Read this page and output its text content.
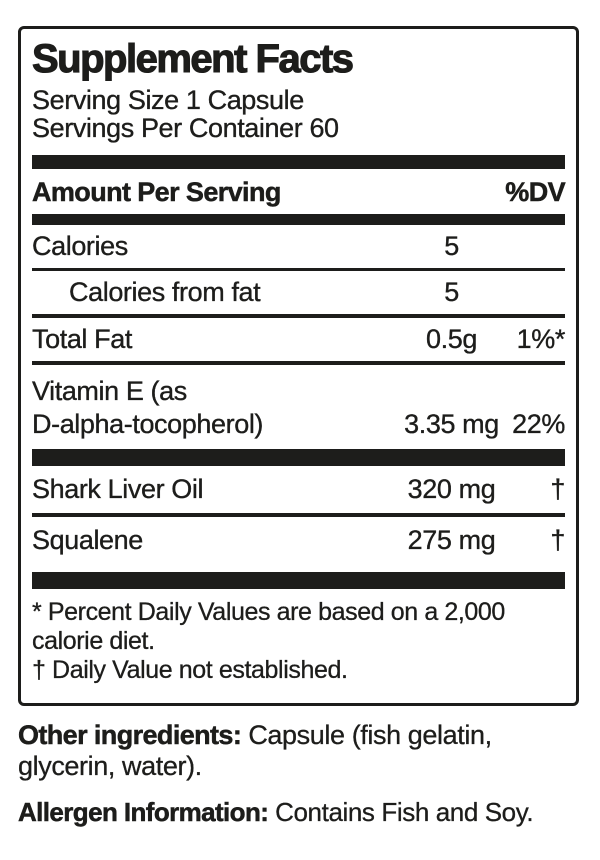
Supplement Facts
Serving Size 1 Capsule
Servings Per Container 60
Amount Per Serving	%DV
Calories	5
Calories from fat	5
Total Fat	0.5g	1%*
Vitamin E (as
D-alpha-tocopherol)	3.35 mg 22%
Shark Liver Oil	320 mg	†
Squalene	275 mg	†
* Percent Daily Values are based on a 2,000 calorie diet.
† Daily Value not established.

Other ingredients: Capsule (fish gelatin, glycerin, water).

Allergen Information: Contains Fish and Soy.
